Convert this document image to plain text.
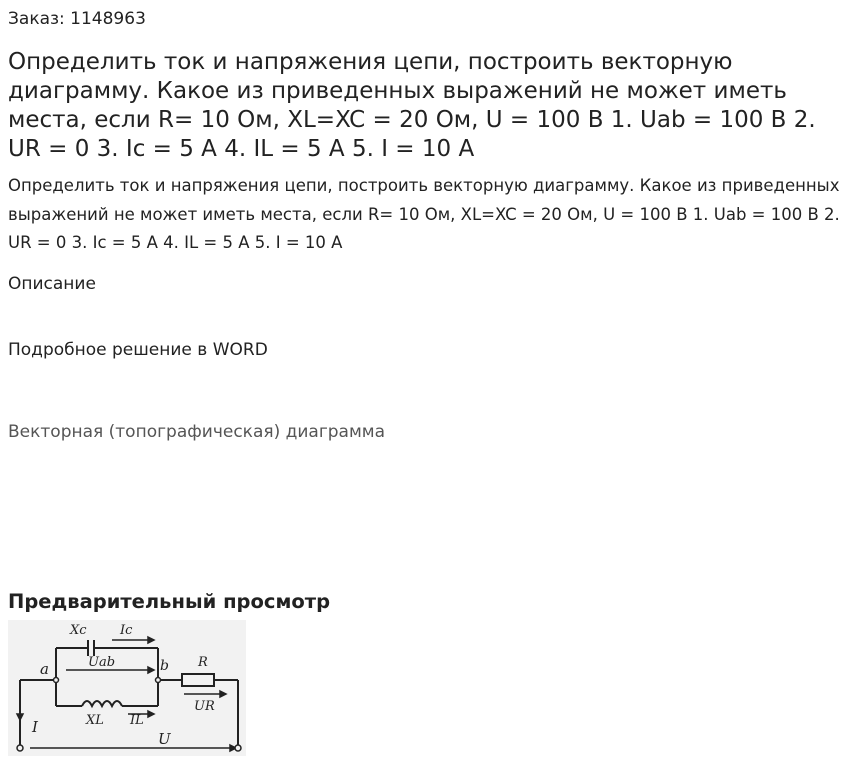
Заказ: 1148963
Определить ток и напряжения цепи, построить векторную диаграмму. Какое из приведенных выражений не может иметь места, если R= 10 Ом, XL=XC = 20 Ом, U = 100 В 1. Uab = 100 В 2. UR = 0 3. Ic = 5 А 4. IL = 5 А 5. I = 10 А
Определить ток и напряжения цепи, построить векторную диаграмму. Какое из приведенных выражений не может иметь места, если R= 10 Ом, XL=XC = 20 Ом, U = 100 В 1. Uab = 100 В 2. UR = 0 3. Ic = 5 А 4. IL = 5 А 5. I = 10 А
Описание
Подробное решение в WORD
Векторная (топографическая) диаграмма
Предварительный просмотр
Xc	Ic
a	Uab	b R
XL IL
UR
I
U
